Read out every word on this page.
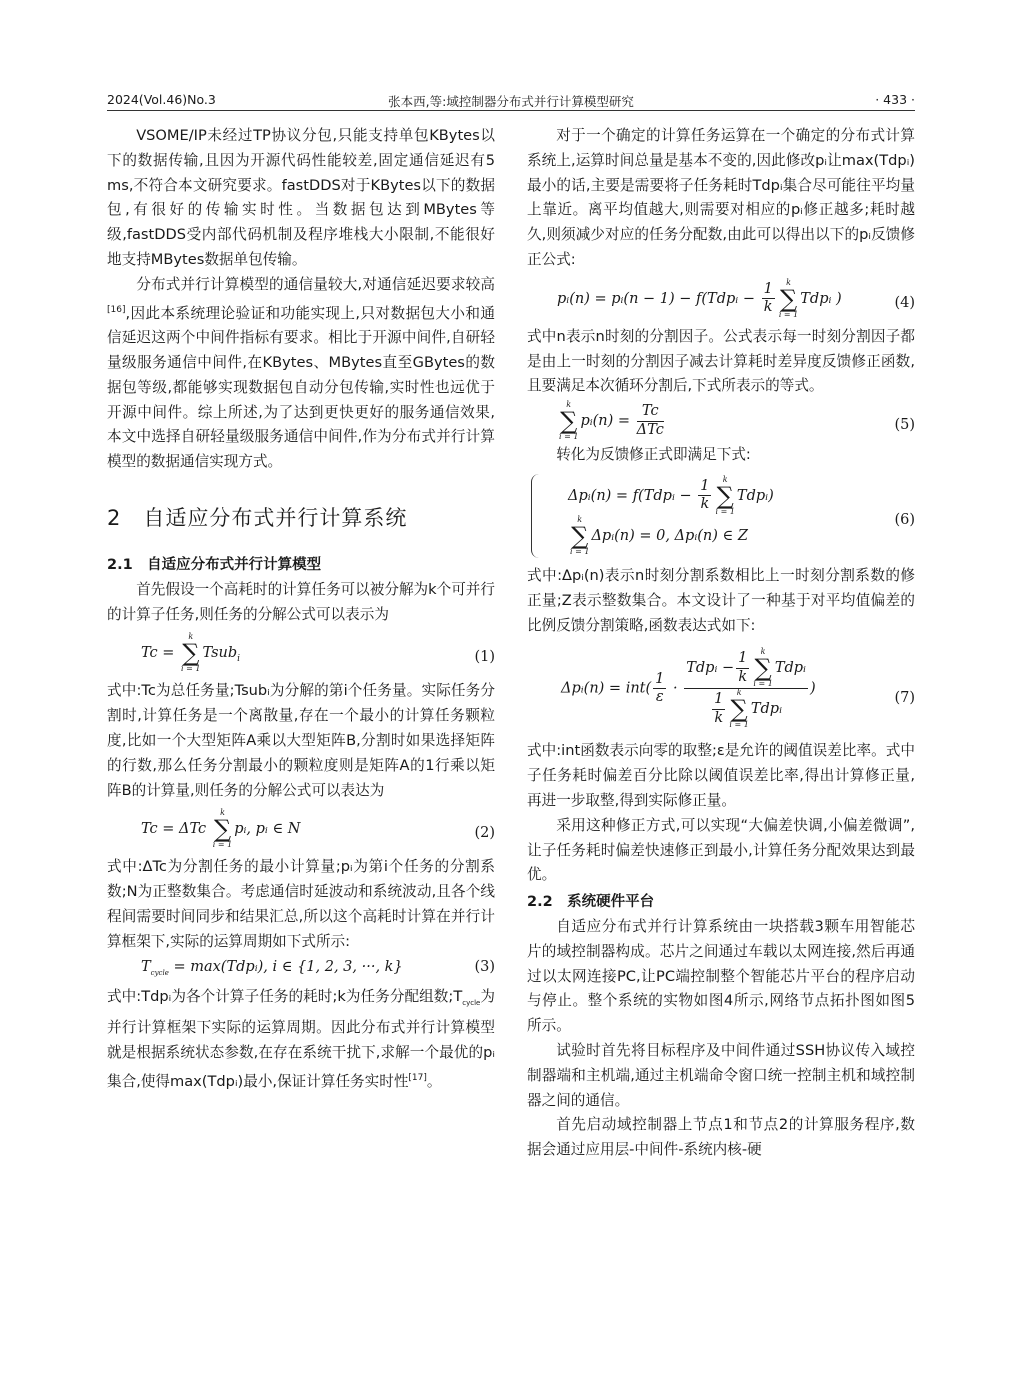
2024(Vol.46)No.3	张本西,等:域控制器分布式并行计算模型研究	· 433 ·

VSOME/IP未经过TP协议分包,只能支持单包KBytes以下的数据传输,且因为开源代码性能较差,固定通信延迟有5 ms,不符合本文研究要求。fastDDS对于KBytes以下的数据包,有很好的传输实时性。当数据包达到MBytes等级,fastDDS受内部代码机制及程序堆栈大小限制,不能很好地支持MBytes数据单包传输。

分布式并行计算模型的通信量较大,对通信延迟要求较高[16],因此本系统理论验证和功能实现上,只对数据包大小和通信延迟这两个中间件指标有要求。相比于开源中间件,自研轻量级服务通信中间件,在KBytes、MBytes直至GBytes的数据包等级,都能够实现数据包自动分包传输,实时性也远优于开源中间件。综上所述,为了达到更快更好的服务通信效果,本文中选择自研轻量级服务通信中间件,作为分布式并行计算模型的数据通信实现方式。

2　自适应分布式并行计算系统
2.1　自适应分布式并行计算模型

首先假设一个高耗时的计算任务可以被分解为k个可并行的计算子任务,则任务的分解公式可以表示为

Tc =
k
∑
i = 1
Tsub$_i$	(1)

式中:Tc为总任务量;Tsubᵢ为分解的第i个任务量。实际任务分割时,计算任务是一个离散量,存在一个最小的计算任务颗粒度,比如一个大型矩阵A乘以大型矩阵B,分割时如果选择矩阵的行数,那么任务分割最小的颗粒度则是矩阵A的1行乘以矩阵B的计算量,则任务的分解公式可以表达为

Tc = ΔTc
k
∑
i = 1
pᵢ, pᵢ ∈ N	(2)

式中:ΔTc为分割任务的最小计算量;pᵢ为第i个任务的分割系数;N为正整数集合。考虑通信时延波动和系统波动,且各个线程间需要时间同步和结果汇总,所以这个高耗时计算在并行计算框架下,实际的运算周期如下式所示:

$T_{cycle}$ = max(Tdpᵢ), i ∈ {1, 2, 3, ···, k}	(3)

式中:Tdpᵢ为各个计算子任务的耗时;k为任务分配组数$;T_{cycle}$为并行计算框架下实际的运算周期。因此分布式并行计算模型就是根据系统状态参数,在存在系统干扰下,求解一个最优的pᵢ集合,使得max(Tdpᵢ)最小,保证计算任务实时性[17]。

对于一个确定的计算任务运算在一个确定的分布式计算系统上,运算时间总量是基本不变的,因此修改pᵢ让max(Tdpᵢ)最小的话,主要是需要将子任务耗时Tdpᵢ集合尽可能往平均量上靠近。离平均值越大,则需要对相应的pᵢ修正越多;耗时越久,则须减少对应的任务分配数,由此可以得出以下的pᵢ反馈修正公式:

pᵢ(n) = pᵢ(n − 1) − f(Tdpᵢ − $\frac{1}{k}$	k
∑
i = 1
Tdpᵢ )	(4)

式中n表示n时刻的分割因子。公式表示每一时刻分割因子都是由上一时刻的分割因子减去计算耗时差异度反馈修正函数,且要满足本次循环分割后,下式所表示的等式。

k
∑
i = 1
pᵢ(n) = $\frac{Tc}{\text{ΔTc}}$	(5)

转化为反馈修正式即满足下式:

Δpᵢ(n) = f(Tdpᵢ − $\frac{1}{k}$	k
∑
i = 1
Tdpᵢ)
k
∑
i = 1
Δpᵢ(n) = 0, Δpᵢ(n) ∈ Z
(6)

式中:Δpᵢ(n)表示n时刻分割系数相比上一时刻分割系数的修正量;Z表示整数集合。本文设计了一种基于对平均值偏差的比例反馈分割策略,函数表达式如下:

Δpᵢ(n) = $int( \frac{1}{\varepsilon}$ · Tdpᵢ − $\frac{1}{k}$	k
∑
i = 1
Tdpᵢ
$\frac{1}{k}$	k
∑
i = 1
Tdpᵢ )
(7)

式中:int函数表示向零的取整;ε是允许的阈值误差比率。式中子任务耗时偏差百分比除以阈值误差比率,得出计算修正量,再进一步取整,得到实际修正量。

采用这种修正方式,可以实现“大偏差快调,小偏差微调”,让子任务耗时偏差快速修正到最小,计算任务分配效果达到最优。

2.2　系统硬件平台

自适应分布式并行计算系统由一块搭载3颗车用智能芯片的域控制器构成。芯片之间通过车载以太网连接,然后再通过以太网连接PC,让PC端控制整个智能芯片平台的程序启动与停止。整个系统的实物如图4所示,网络节点拓扑图如图5所示。

试验时首先将目标程序及中间件通过SSH协议传入域控制器端和主机端,通过主机端命令窗口统一控制主机和域控制器之间的通信。

首先启动域控制器上节点1和节点2的计算服务程序,数据会通过应用层-中间件-系统内核-硬
